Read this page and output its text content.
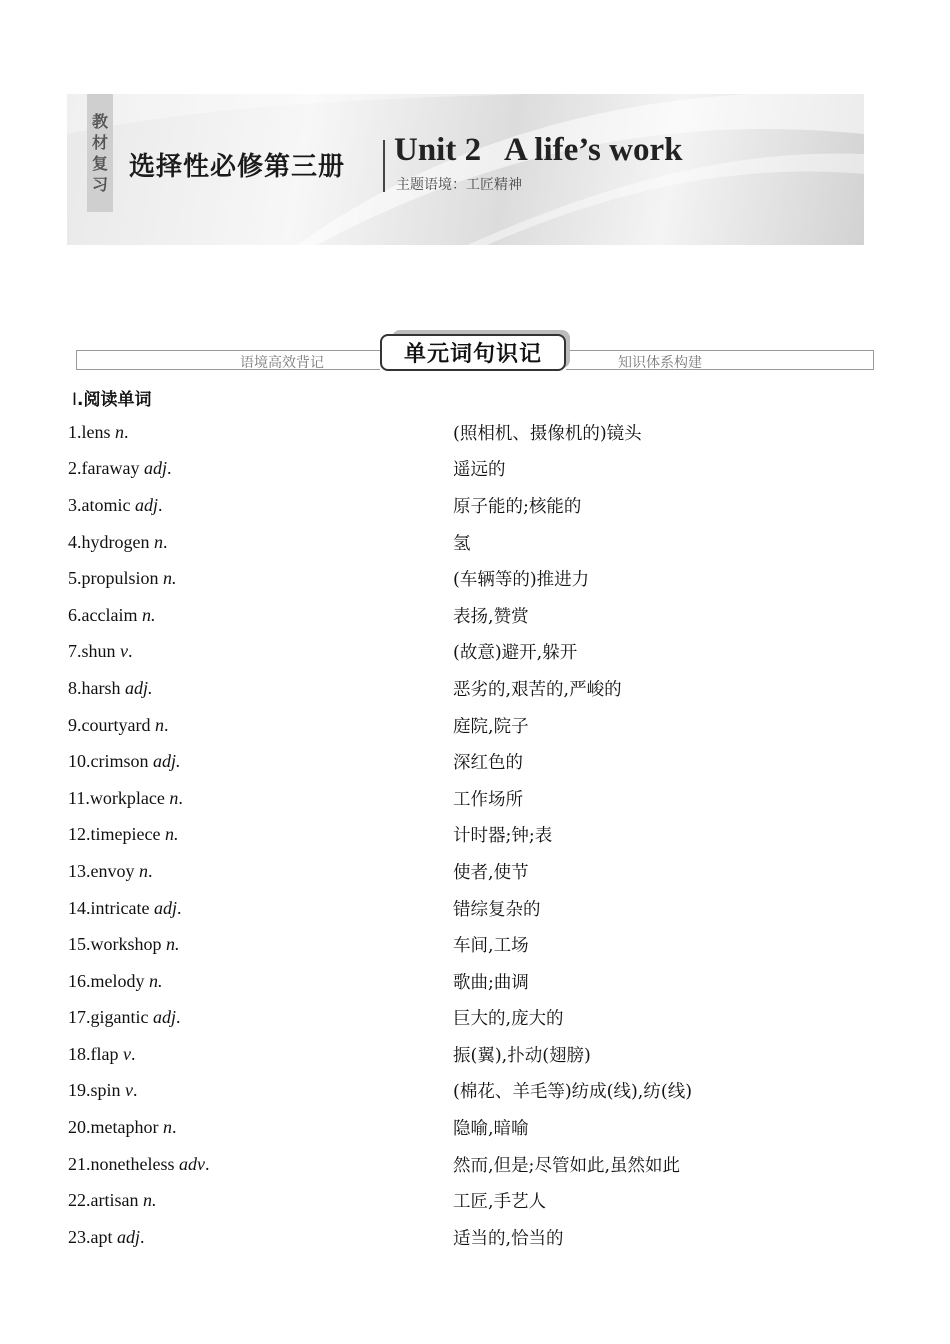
教
材
复
习
选择性必修第三册 Unit 2   A life’s work
主题语境：工匠精神
语境高效背记	知识体系构建
单元词句识记
Ⅰ.阅读单词
1.lens n.	(照相机、摄像机的)镜头
2.faraway adj.	遥远的
3.atomic adj.	原子能的;核能的
4.hydrogen n.	氢
5.propulsion n.	(车辆等的)推进力
6.acclaim n.	表扬,赞赏
7.shun v.	(故意)避开,躲开
8.harsh adj.	恶劣的,艰苦的,严峻的
9.courtyard n.	庭院,院子
10.crimson adj.	深红色的
11.workplace n.	工作场所
12.timepiece n.	计时器;钟;表
13.envoy n.	使者,使节
14.intricate adj.	错综复杂的
15.workshop n.	车间,工场
16.melody n.	歌曲;曲调
17.gigantic adj.	巨大的,庞大的
18.flap v.	振(翼),扑动(翅膀)
19.spin v.	(棉花、羊毛等)纺成(线),纺(线)
20.metaphor n.	隐喻,暗喻
21.nonetheless adv.	然而,但是;尽管如此,虽然如此
22.artisan n.	工匠,手艺人
23.apt adj.	适当的,恰当的
